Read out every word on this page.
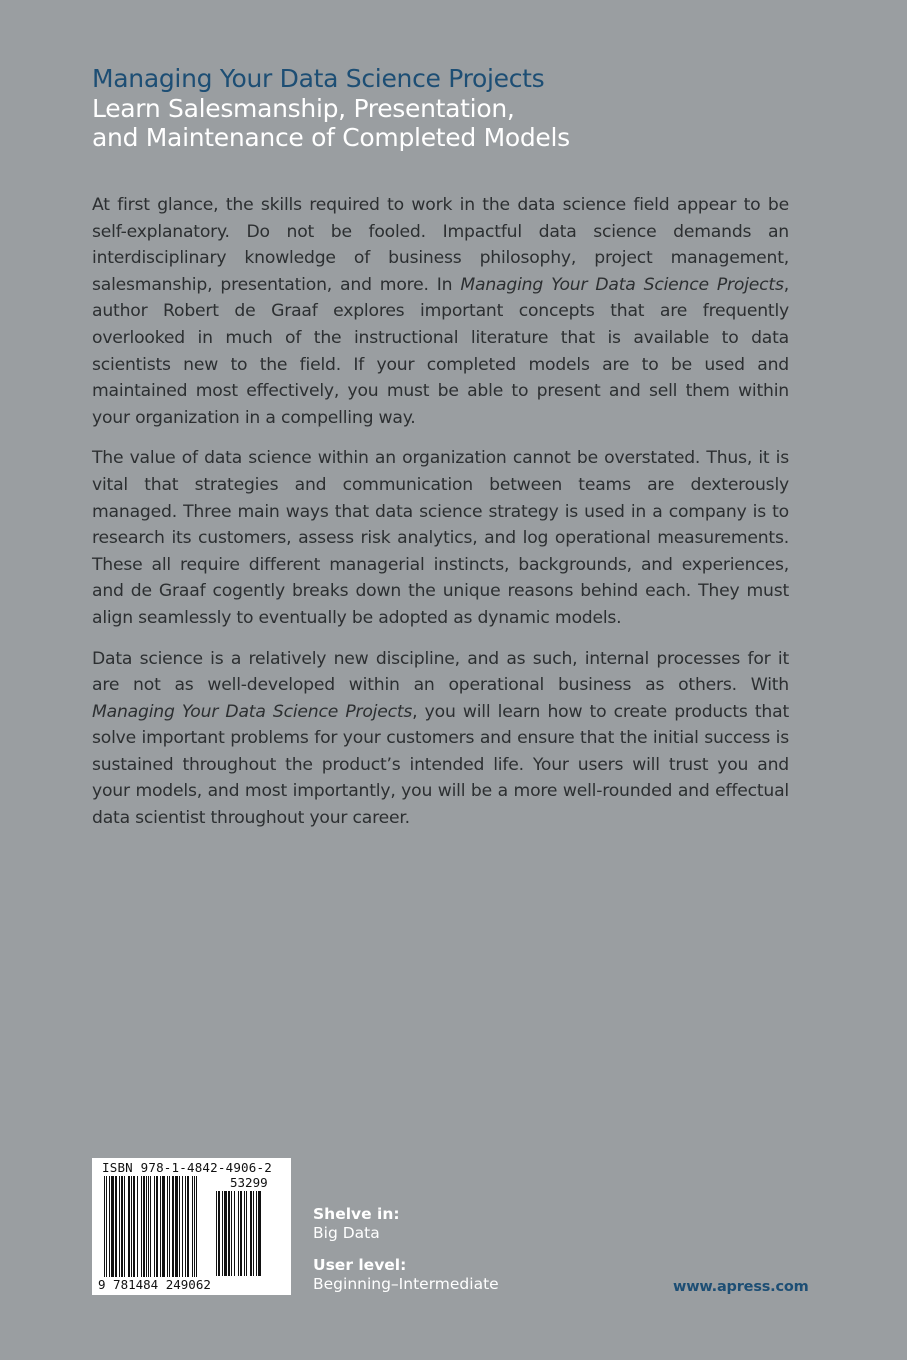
Managing Your Data Science Projects
Learn Salesmanship, Presentation,
and Maintenance of Completed Models

At first glance, the skills required to work in the data science field appear to be self-explanatory. Do not be fooled. Impactful data science demands an interdisciplinary knowledge of business philosophy, project management, salesmanship, presentation, and more. In Managing Your Data Science Projects, author Robert de Graaf explores important concepts that are frequently overlooked in much of the instructional literature that is available to data scientists new to the field. If your completed models are to be used and maintained most effectively, you must be able to present and sell them within your organization in a compelling way.

The value of data science within an organization cannot be overstated. Thus, it is vital that strategies and communication between teams are dexterously managed. Three main ways that data science strategy is used in a company is to research its customers, assess risk analytics, and log operational measurements. These all require different managerial instincts, backgrounds, and experiences, and de Graaf cogently breaks down the unique reasons behind each. They must align seamlessly to eventually be adopted as dynamic models.

Data science is a relatively new discipline, and as such, internal processes for it are not as well-developed within an operational business as others. With Managing Your Data Science Projects, you will learn how to create products that solve important problems for your customers and ensure that the initial success is sustained throughout the product’s intended life. Your users will trust you and your models, and most importantly, you will be a more well-rounded and effectual data scientist throughout your career.

ISBN 978-1-4842-4906-2
53299
9 781484 249062
Shelve in:
Big Data
User level:
Beginning–Intermediate	www.apress.com
